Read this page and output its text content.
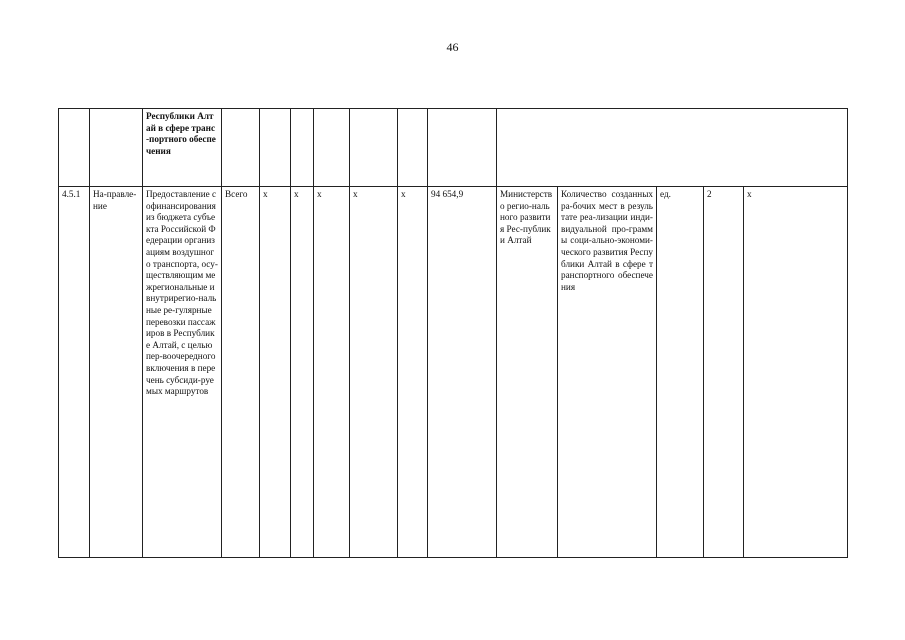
46
		Республики Алтай в сфере транс-портного обеспечения												
4.5.1	На-правле-ние	Предоставление софинансирования из бюджета субъекта Российской Федерации организациям воздушного транспорта, осу-ществляющим межрегиональные и внутрирегио-нальные ре-гулярные перевозки пассажиров в Республике Алтай, с целью пер-воочередного включения в перечень субсиди-руемых маршрутов	Всего	х	х	х	х	х	94 654,9	Министерство регио-нального развития Рес-публики Алтай	Количество созданных ра-бочих мест в результате реа-лизации инди-видуальной про-граммы соци-ально-экономи-ческого развития Республики Алтай в сфере транспортного обеспечения	ед.	2	х
